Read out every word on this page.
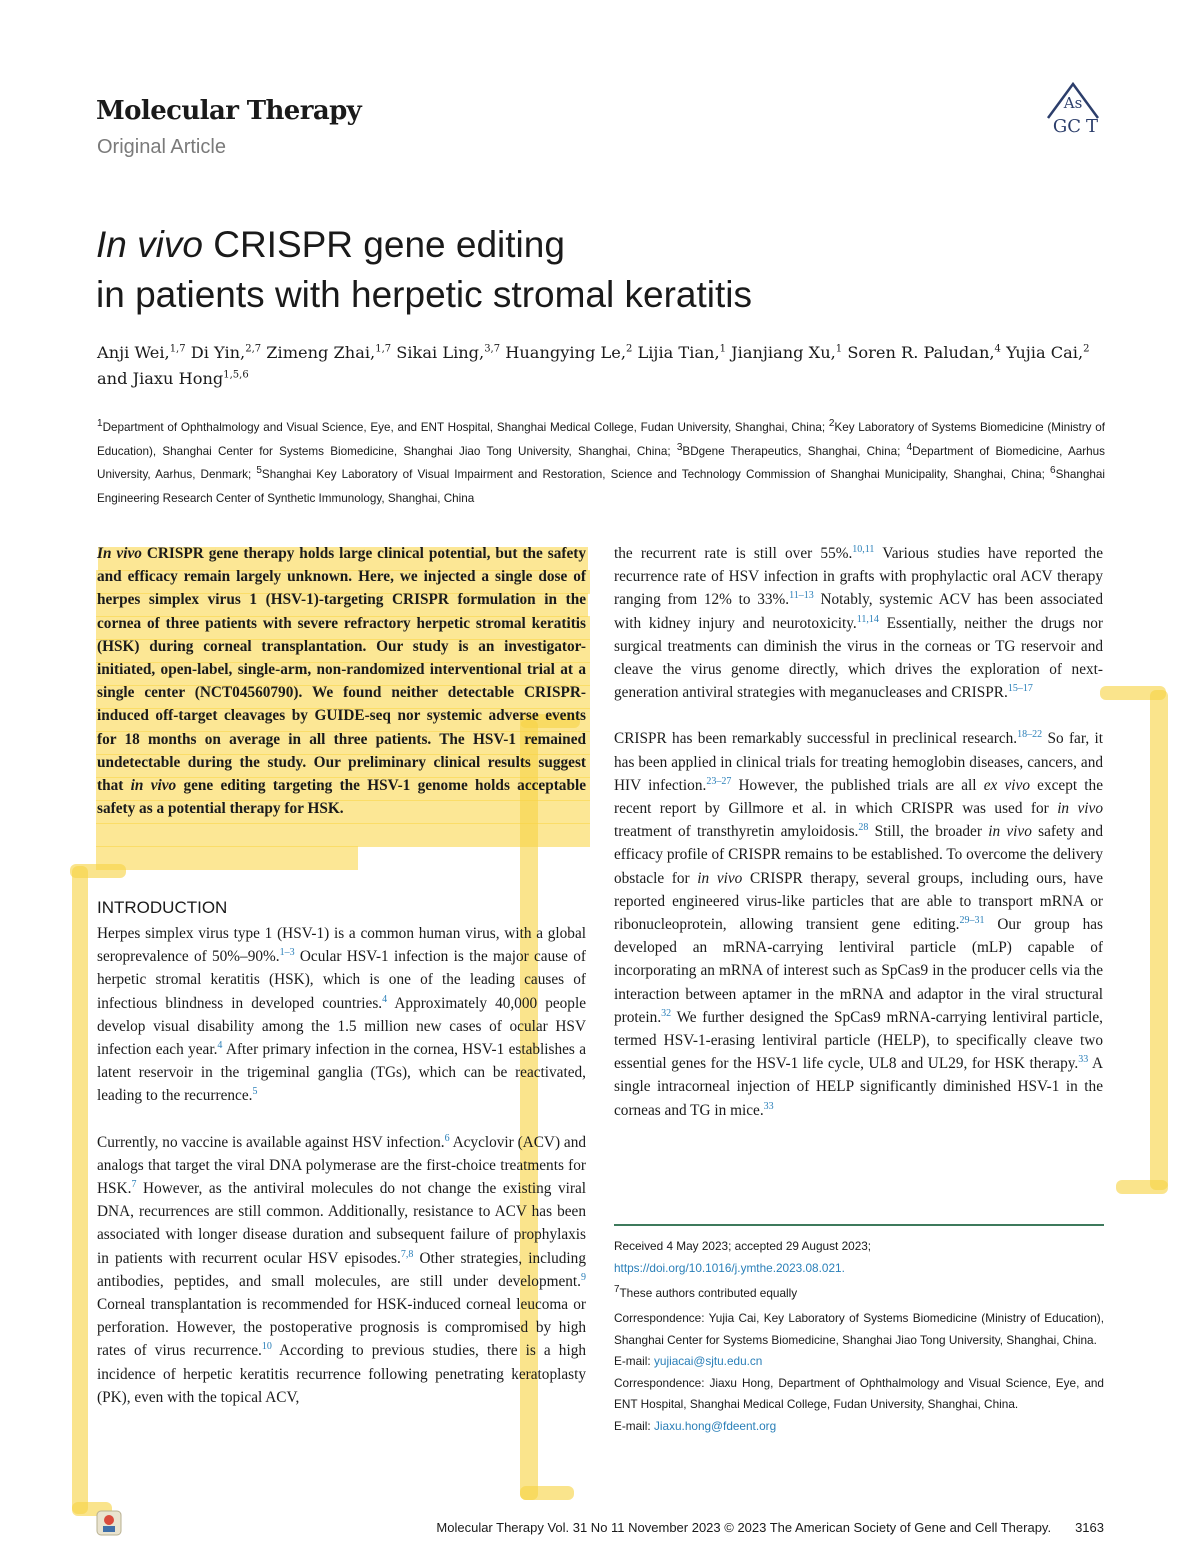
Molecular Therapy
Original Article
As
GC T
In vivo CRISPR gene editing
in patients with herpetic stromal keratitis
Anji Wei,$^{1,7}$ Di Yin,$^{2,7}$ Zimeng Zhai,$^{1,7}$ Sikai Ling,$^{3,7}$ Huangying Le,$^2$ Lijia Tian,$^1$ Jianjiang Xu,$^1$ Soren R. Paludan,$^4$ Yujia Cai,$^2$ and Jiaxu Hong$^{1,5,6}$
$^1$Department of Ophthalmology and Visual Science, Eye, and ENT Hospital, Shanghai Medical College, Fudan University, Shanghai, China; $^2$Key Laboratory of Systems Biomedicine (Ministry of Education), Shanghai Center for Systems Biomedicine, Shanghai Jiao Tong University, Shanghai, China; $^3$BDgene Therapeutics, Shanghai, China; $^4$Department of Biomedicine, Aarhus University, Aarhus, Denmark; $^5$Shanghai Key Laboratory of Visual Impairment and Restoration, Science and Technology Commission of Shanghai Municipality, Shanghai, China; $^6$Shanghai Engineering Research Center of Synthetic Immunology, Shanghai, China

In vivo CRISPR gene therapy holds large clinical potential, but the safety and efficacy remain largely unknown. Here, we injected a single dose of herpes simplex virus 1 (HSV-1)-targeting CRISPR formulation in the cornea of three patients with severe refractory herpetic stromal keratitis (HSK) during corneal transplantation. Our study is an investigator-initiated, open-label, single-arm, non-randomized interventional trial at a single center (NCT04560790). We found neither detectable CRISPR-induced off-target cleavages by GUIDE-seq nor systemic adverse events for 18 months on average in all three patients. The HSV-1 remained undetectable during the study. Our preliminary clinical results suggest that in vivo gene editing targeting the HSV-1 genome holds acceptable safety as a potential therapy for HSK.

INTRODUCTION

Herpes simplex virus type 1 (HSV-1) is a common human virus, with a global seroprevalence of 50%–90%.$^{1-3}$ Ocular HSV-1 infection is the major cause of herpetic stromal keratitis (HSK), which is one of the leading causes of infectious blindness in developed countries.$^4$ Approximately 40,000 people develop visual disability among the 1.5 million new cases of ocular HSV infection each year.$^4$ After primary infection in the cornea, HSV-1 establishes a latent reservoir in the trigeminal ganglia (TGs), which can be reactivated, leading to the recurrence.$^5$

Currently, no vaccine is available against HSV infection.$^6$ Acyclovir (ACV) and analogs that target the viral DNA polymerase are the first-choice treatments for HSK.$^7$ However, as the antiviral molecules do not change the existing viral DNA, recurrences are still common. Additionally, resistance to ACV has been associated with longer disease duration and subsequent failure of prophylaxis in patients with recurrent ocular HSV episodes.$^{7,8}$ Other strategies, including antibodies, peptides, and small molecules, are still under development.$^9$ Corneal transplantation is recommended for HSK-induced corneal leucoma or perforation. However, the postoperative prognosis is compromised by high rates of virus recurrence.$^{10}$ According to previous studies, there is a high incidence of herpetic keratitis recurrence following penetrating keratoplasty (PK), even with the topical ACV,

the recurrent rate is still over 55%.$^{10,11}$ Various studies have reported the recurrence rate of HSV infection in grafts with prophylactic oral ACV therapy ranging from 12% to 33%.$^{11-13}$ Notably, systemic ACV has been associated with kidney injury and neurotoxicity.$^{11,14}$ Essentially, neither the drugs nor surgical treatments can diminish the virus in the corneas or TG reservoir and cleave the virus genome directly, which drives the exploration of next-generation antiviral strategies with meganucleases and CRISPR.$^{15-17}$

CRISPR has been remarkably successful in preclinical research.$^{18-22}$ So far, it has been applied in clinical trials for treating hemoglobin diseases, cancers, and HIV infection.$^{23-27}$ However, the published trials are all ex vivo except the recent report by Gillmore et al. in which CRISPR was used for in vivo treatment of transthyretin amyloidosis.$^{28}$ Still, the broader in vivo safety and efficacy profile of CRISPR remains to be established. To overcome the delivery obstacle for in vivo CRISPR therapy, several groups, including ours, have reported engineered virus-like particles that are able to transport mRNA or ribonucleoprotein, allowing transient gene editing.$^{29-31}$ Our group has developed an mRNA-carrying lentiviral particle (mLP) capable of incorporating an mRNA of interest such as SpCas9 in the producer cells via the interaction between aptamer in the mRNA and adaptor in the viral structural protein.$^{32}$ We further designed the SpCas9 mRNA-carrying lentiviral particle, termed HSV-1-erasing lentiviral particle (HELP), to specifically cleave two essential genes for the HSV-1 life cycle, UL8 and UL29, for HSK therapy.$^{33}$ A single intracorneal injection of HELP significantly diminished HSV-1 in the corneas and TG in mice.$^{33}$

Received 4 May 2023; accepted 29 August 2023;

https://doi.org/10.1016/j.ymthe.2023.08.021.

$^7$These authors contributed equally

Correspondence: Yujia Cai, Key Laboratory of Systems Biomedicine (Ministry of Education), Shanghai Center for Systems Biomedicine, Shanghai Jiao Tong University, Shanghai, China.

E-mail: yujiacai@sjtu.edu.cn

Correspondence: Jiaxu Hong, Department of Ophthalmology and Visual Science, Eye, and ENT Hospital, Shanghai Medical College, Fudan University, Shanghai, China.

E-mail: Jiaxu.hong@fdeent.org

Molecular Therapy Vol. 31 No 11 November 2023 © 2023 The American Society of Gene and Cell Therapy. 3163
